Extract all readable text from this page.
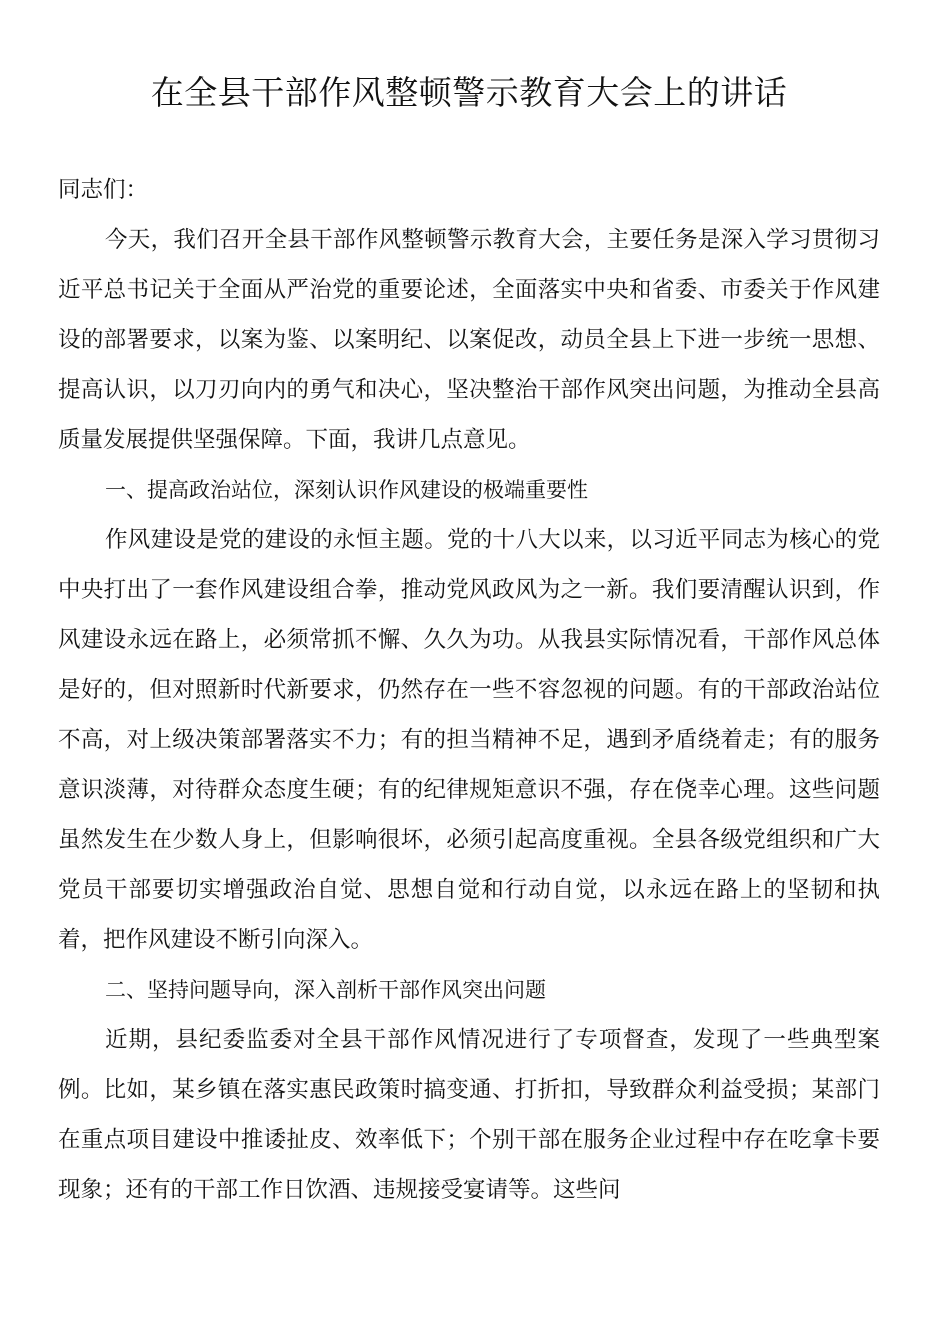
在全县干部作风整顿警示教育大会上的讲话

同志们：

今天，我们召开全县干部作风整顿警示教育大会，主要任务是深入学习贯彻习近平总书记关于全面从严治党的重要论述，全面落实中央和省委、市委关于作风建设的部署要求，以案为鉴、以案明纪、以案促改，动员全县上下进一步统一思想、提高认识，以刀刃向内的勇气和决心，坚决整治干部作风突出问题，为推动全县高质量发展提供坚强保障。下面，我讲几点意见。

一、提高政治站位，深刻认识作风建设的极端重要性

作风建设是党的建设的永恒主题。党的十八大以来，以习近平同志为核心的党中央打出了一套作风建设组合拳，推动党风政风为之一新。我们要清醒认识到，作风建设永远在路上，必须常抓不懈、久久为功。从我县实际情况看，干部作风总体是好的，但对照新时代新要求，仍然存在一些不容忽视的问题。有的干部政治站位不高，对上级决策部署落实不力；有的担当精神不足，遇到矛盾绕着走；有的服务意识淡薄，对待群众态度生硬；有的纪律规矩意识不强，存在侥幸心理。这些问题虽然发生在少数人身上，但影响很坏，必须引起高度重视。全县各级党组织和广大党员干部要切实增强政治自觉、思想自觉和行动自觉，以永远在路上的坚韧和执着，把作风建设不断引向深入。

二、坚持问题导向，深入剖析干部作风突出问题

近期，县纪委监委对全县干部作风情况进行了专项督查，发现了一些典型案例。比如，某乡镇在落实惠民政策时搞变通、打折扣，导致群众利益受损；某部门在重点项目建设中推诿扯皮、效率低下；个别干部在服务企业过程中存在吃拿卡要现象；还有的干部工作日饮酒、违规接受宴请等。这些问
